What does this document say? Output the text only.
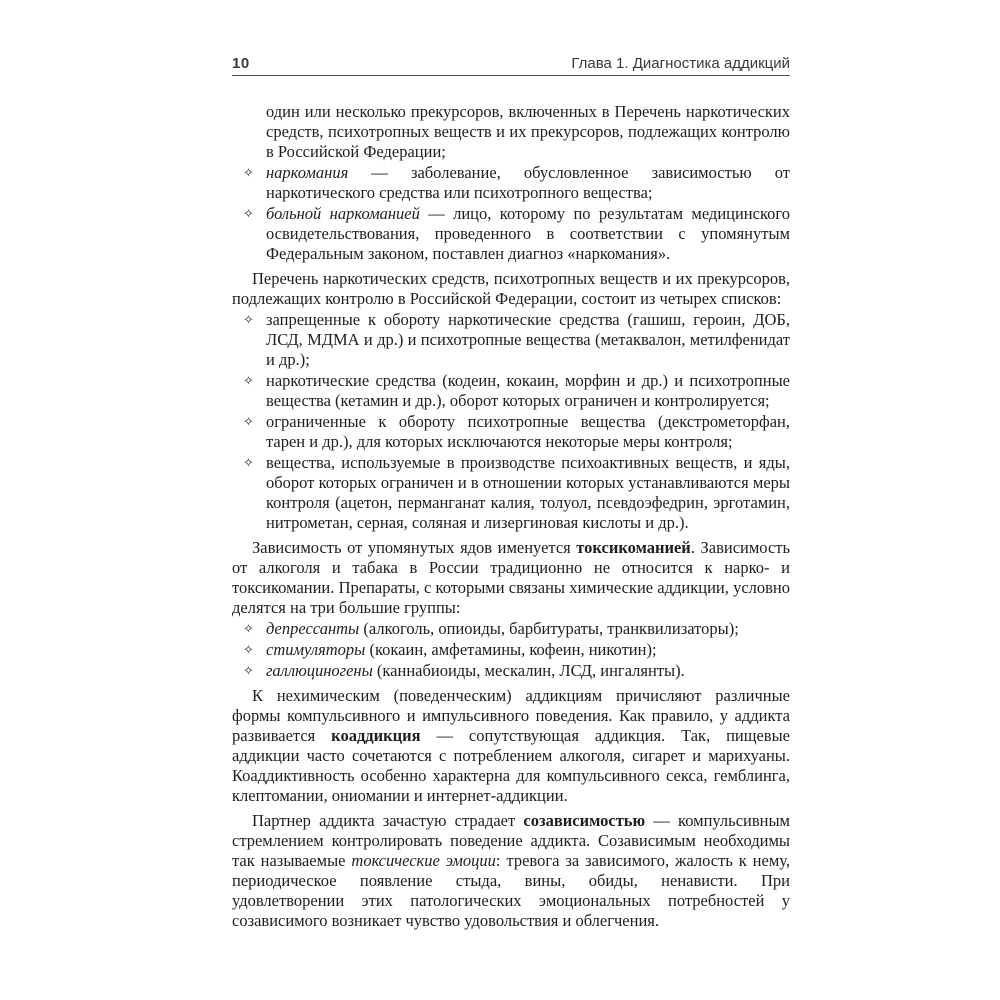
10	Глава 1. Диагностика аддикций
один или несколько прекурсоров, включенных в Перечень наркотических средств, психотропных веществ и их прекурсоров, подлежащих контролю в Российской Федерации;
✧ наркомания — заболевание, обусловленное зависимостью от наркотического средства или психотропного вещества;
✧ больной наркоманией — лицо, которому по результатам медицинского освидетельствования, проведенного в соответствии с упомянутым Федеральным законом, поставлен диагноз «наркомания».
Перечень наркотических средств, психотропных веществ и их прекурсоров, подлежащих контролю в Российской Федерации, состоит из четырех списков:
✧ запрещенные к обороту наркотические средства (гашиш, героин, ДОБ, ЛСД, МДМА и др.) и психотропные вещества (метаквалон, метилфенидат и др.);
✧ наркотические средства (кодеин, кокаин, морфин и др.) и психотропные вещества (кетамин и др.), оборот которых ограничен и контролируется;
✧ ограниченные к обороту психотропные вещества (декстрометорфан, тарен и др.), для которых исключаются некоторые меры контроля;
✧ вещества, используемые в производстве психоактивных веществ, и яды, оборот которых ограничен и в отношении которых устанавливаются меры контроля (ацетон, перманганат калия, толуол, псевдоэфедрин, эрготамин, нитрометан, серная, соляная и лизергиновая кислоты и др.).
Зависимость от упомянутых ядов именуется токсикоманией. Зависимость от алкоголя и табака в России традиционно не относится к нарко- и токсикомании. Препараты, с которыми связаны химические аддикции, условно делятся на три большие группы:
✧ депрессанты (алкоголь, опиоиды, барбитураты, транквилизаторы);
✧ стимуляторы (кокаин, амфетамины, кофеин, никотин);
✧ галлюциногены (каннабиоиды, мескалин, ЛСД, ингалянты).
К нехимическим (поведенческим) аддикциям причисляют различные формы компульсивного и импульсивного поведения. Как правило, у аддикта развивается коаддикция — сопутствующая аддикция. Так, пищевые аддикции часто сочетаются с потреблением алкоголя, сигарет и марихуаны. Коаддиктивность особенно характерна для компульсивного секса, гемблинга, клептомании, ониомании и интернет-аддикции.
Партнер аддикта зачастую страдает созависимостью — компульсивным стремлением контролировать поведение аддикта. Созависимым необходимы так называемые токсические эмоции: тревога за зависимого, жалость к нему, периодическое появление стыда, вины, обиды, ненависти. При удовлетворении этих патологических эмоциональных потребностей у созависимого возникает чувство удовольствия и облегчения.
